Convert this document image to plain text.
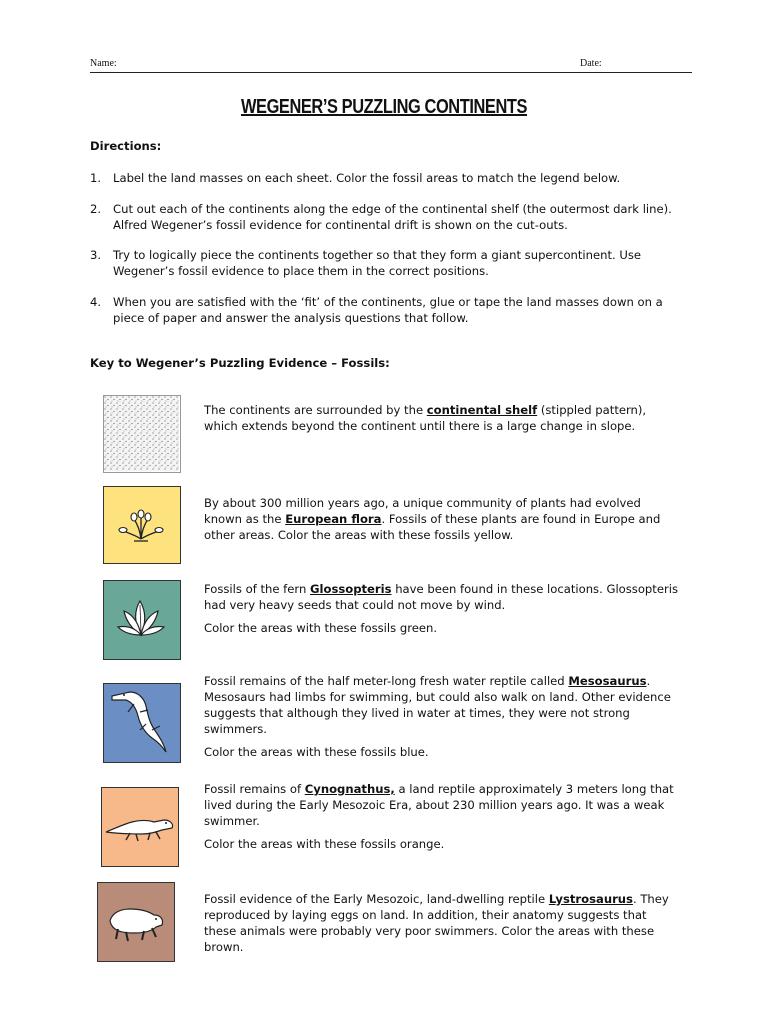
Name:	Date:
WEGENER’S PUZZLING CONTINENTS
Directions:
1. Label the land masses on each sheet. Color the fossil areas to match the legend below.
2. Cut out each of the continents along the edge of the continental shelf (the outermost dark line). Alfred Wegener’s fossil evidence for continental drift is shown on the cut-outs.
3. Try to logically piece the continents together so that they form a giant supercontinent. Use Wegener’s fossil evidence to place them in the correct positions.
4. When you are satisfied with the ‘fit’ of the continents, glue or tape the land masses down on a piece of paper and answer the analysis questions that follow.
Key to Wegener’s Puzzling Evidence – Fossils:

The continents are surrounded by the continental shelf (stippled pattern), which extends beyond the continent until there is a large change in slope.

By about 300 million years ago, a unique community of plants had evolved known as the European flora. Fossils of these plants are found in Europe and other areas. Color the areas with these fossils yellow.

Fossils of the fern Glossopteris have been found in these locations. Glossopteris had very heavy seeds that could not move by wind.

Color the areas with these fossils green.

Fossil remains of the half meter-long fresh water reptile called Mesosaurus. Mesosaurs had limbs for swimming, but could also walk on land. Other evidence suggests that although they lived in water at times, they were not strong swimmers.

Color the areas with these fossils blue.

Fossil remains of Cynognathus, a land reptile approximately 3 meters long that lived during the Early Mesozoic Era, about 230 million years ago. It was a weak swimmer.

Color the areas with these fossils orange.

Fossil evidence of the Early Mesozoic, land-dwelling reptile Lystrosaurus. They reproduced by laying eggs on land. In addition, their anatomy suggests that these animals were probably very poor swimmers. Color the areas with these brown.
